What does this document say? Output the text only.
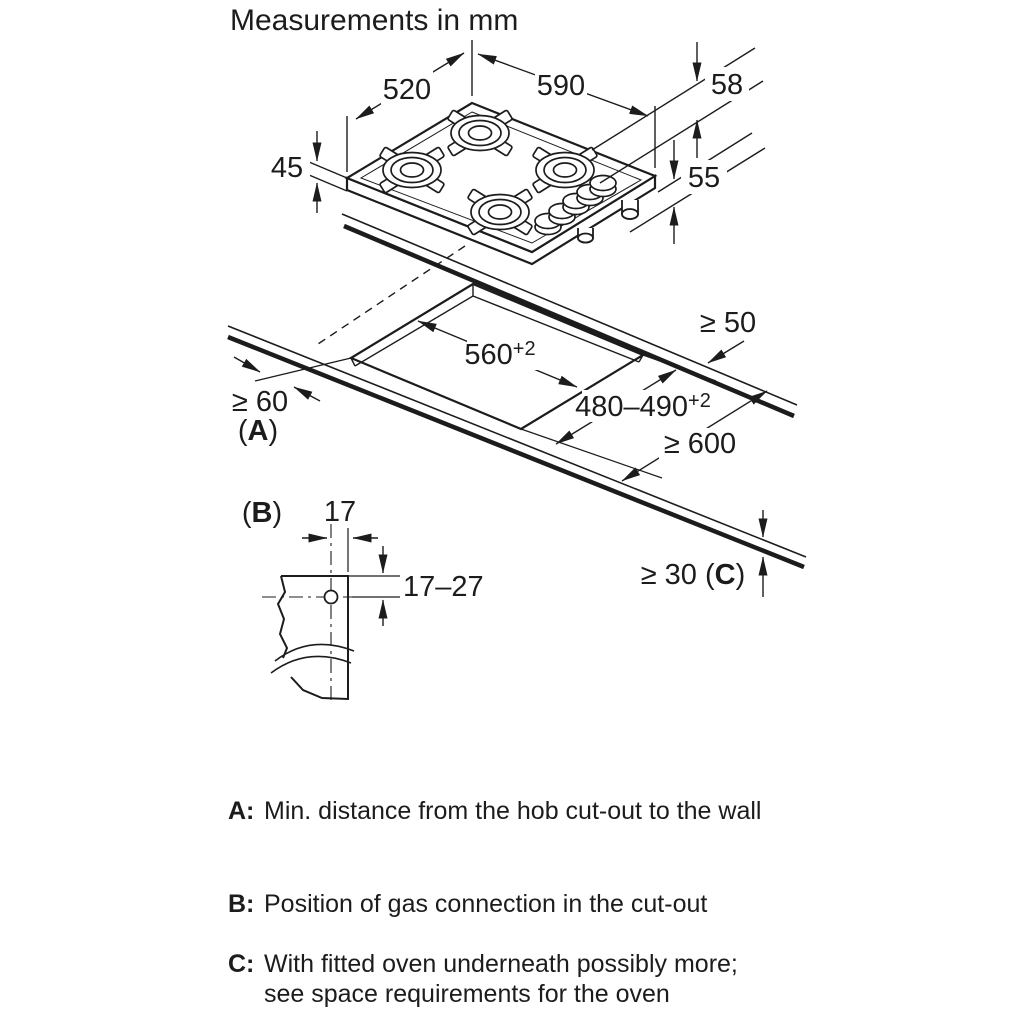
Measurements in mm
520	590	58
45	55
$560^{+2}$
$480-490^{+2}$
≥ 50
≥ 60
(A)	≥ 600
(B) 17
17–27	≥ 30 (C)
A: Min. distance from the hob cut-out to the wall
B: Position of gas connection in the cut-out
C: With fitted oven underneath possibly more; see space requirements for the oven
